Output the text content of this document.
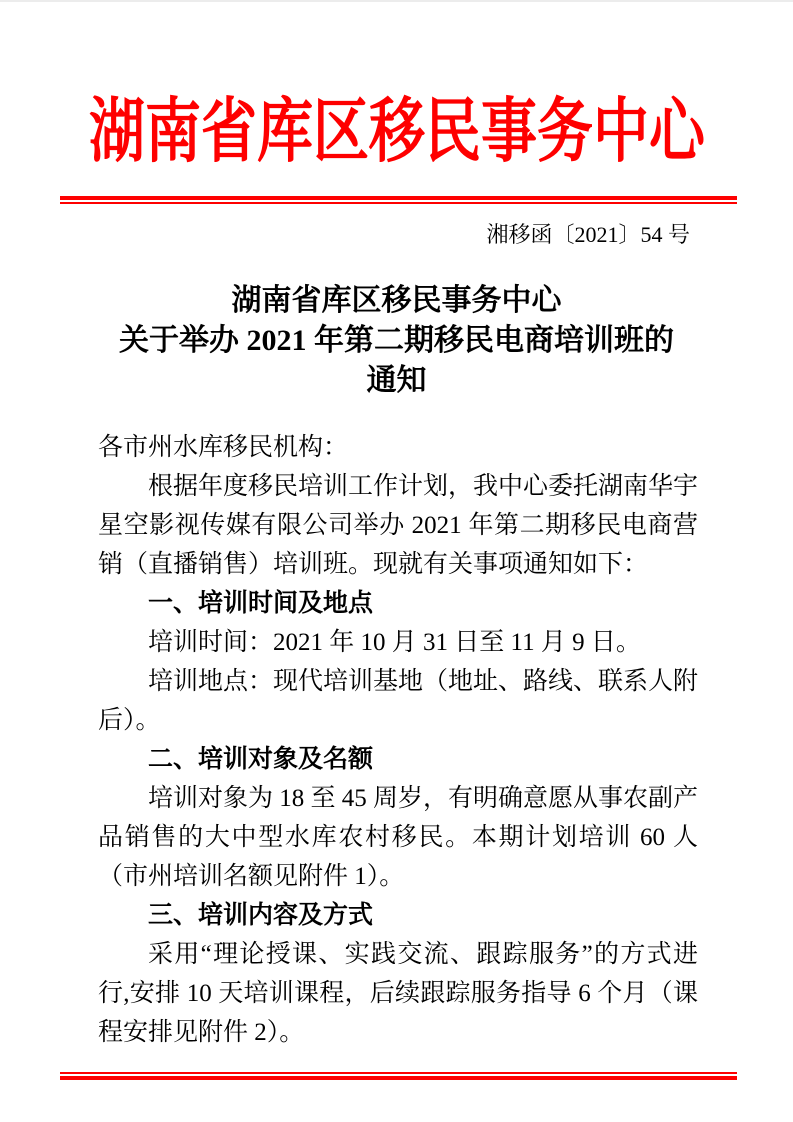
湖南省库区移民事务中心
湘移函〔2021〕54 号
湖南省库区移民事务中心
关于举办 2021 年第二期移民电商培训班的
通知

各市州水库移民机构：

根据年度移民培训工作计划，我中心委托湖南华宇星空影视传媒有限公司举办 2021 年第二期移民电商营销（直播销售）培训班。现就有关事项通知如下：

一、培训时间及地点

培训时间：2021 年 10 月 31 日至 11 月 9 日。

培训地点：现代培训基地（地址、路线、联系人附后）。

二、培训对象及名额

培训对象为 18 至 45 周岁，有明确意愿从事农副产品销售的大中型水库农村移民。本期计划培训 60 人（市州培训名额见附件 1）。

三、培训内容及方式

采用“理论授课、实践交流、跟踪服务”的方式进行,安排 10 天培训课程，后续跟踪服务指导 6 个月（课程安排见附件 2）。
